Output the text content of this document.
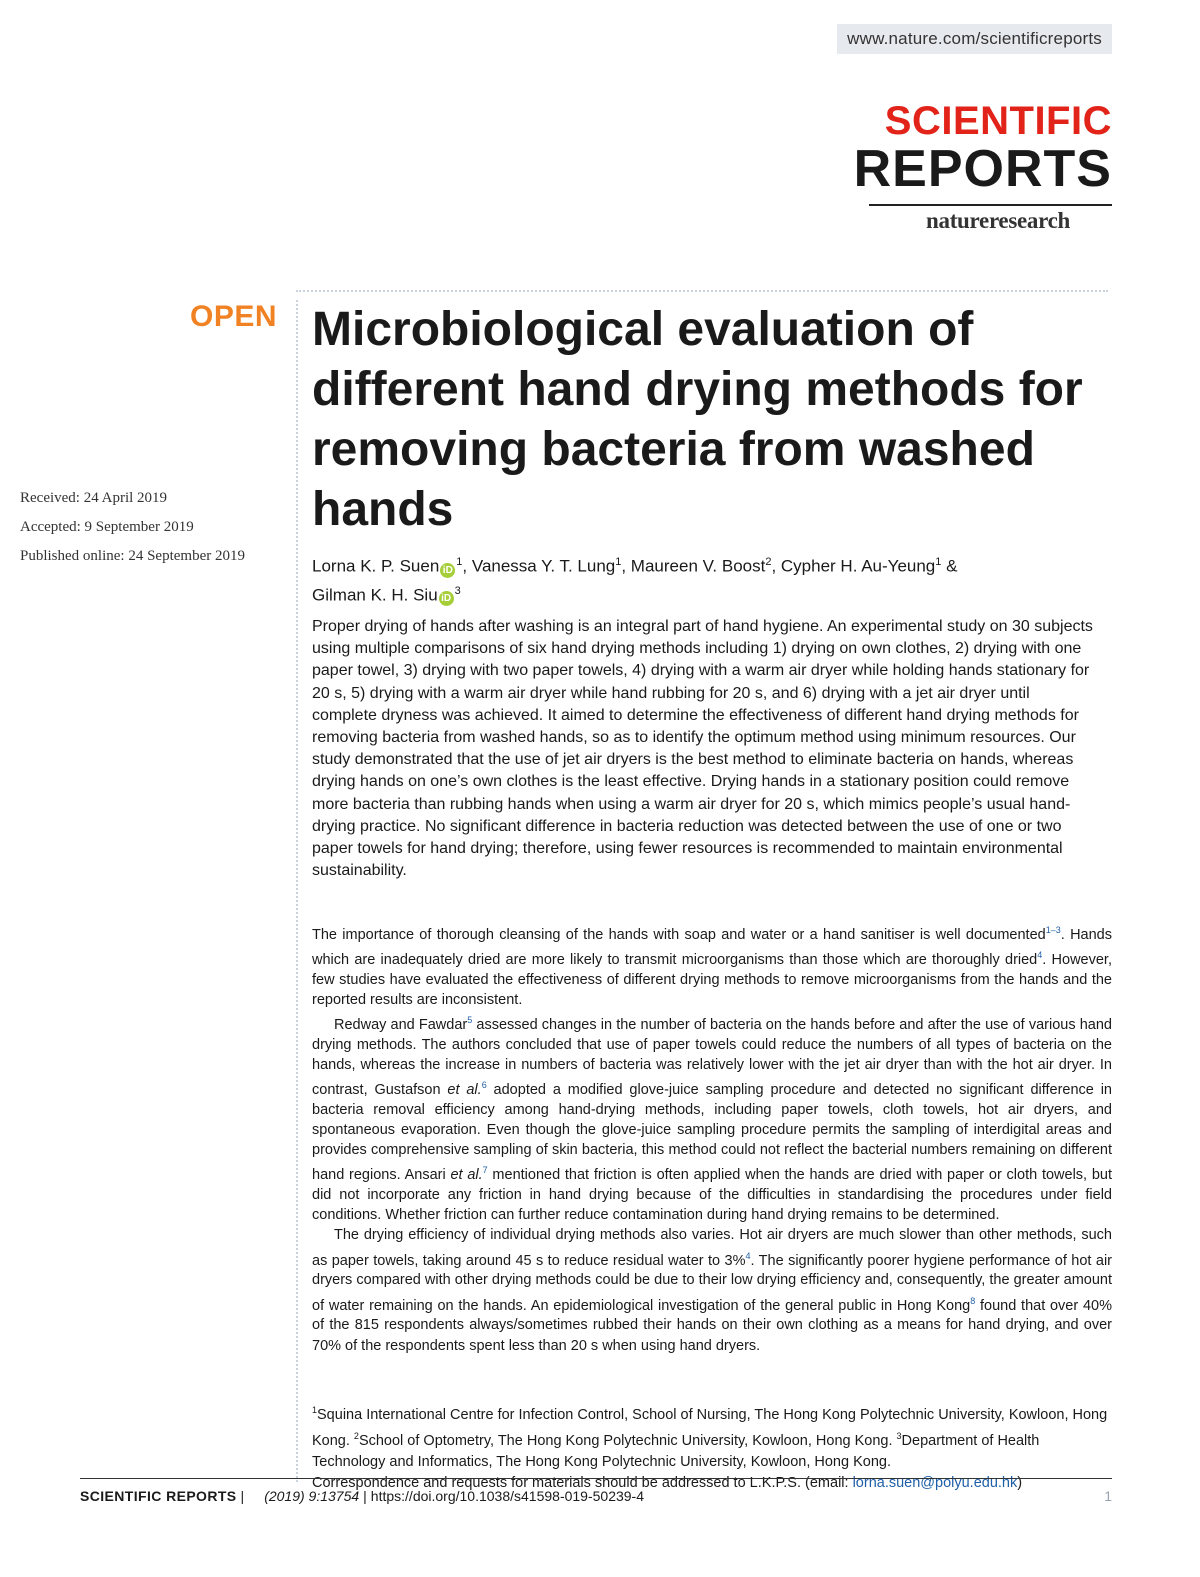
www.nature.com/scientificreports
SCIENTIFIC
REPORTS
natureresearch
OPEN Microbiological evaluation of different hand drying methods for removing bacteria from washed hands
Received: 24 April 2019
Accepted: 9 September 2019
Published online: 24 September 2019
Lorna K. P. Suen $iD^1$, Vanessa Y. T. Lung$^1$, Maureen V. Boost$^2$, Cypher H. Au-Yeung$^1$ &
Gilman K. H. Siu $iD^3$

Proper drying of hands after washing is an integral part of hand hygiene. An experimental study on 30 subjects using multiple comparisons of six hand drying methods including 1) drying on own clothes, 2) drying with one paper towel, 3) drying with two paper towels, 4) drying with a warm air dryer while holding hands stationary for 20 s, 5) drying with a warm air dryer while hand rubbing for 20 s, and 6) drying with a jet air dryer until complete dryness was achieved. It aimed to determine the effectiveness of different hand drying methods for removing bacteria from washed hands, so as to identify the optimum method using minimum resources. Our study demonstrated that the use of jet air dryers is the best method to eliminate bacteria on hands, whereas drying hands on one’s own clothes is the least effective. Drying hands in a stationary position could remove more bacteria than rubbing hands when using a warm air dryer for 20 s, which mimics people’s usual hand-drying practice. No significant difference in bacteria reduction was detected between the use of one or two paper towels for hand drying; therefore, using fewer resources is recommended to maintain environmental sustainability.

The importance of thorough cleansing of the hands with soap and water or a hand sanitiser is well documented$^{1-3}$. Hands which are inadequately dried are more likely to transmit microorganisms than those which are thoroughly dried$^4$. However, few studies have evaluated the effectiveness of different drying methods to remove microorganisms from the hands and the reported results are inconsistent.

Redway and Fawdar$^5$ assessed changes in the number of bacteria on the hands before and after the use of various hand drying methods. The authors concluded that use of paper towels could reduce the numbers of all types of bacteria on the hands, whereas the increase in numbers of bacteria was relatively lower with the jet air dryer than with the hot air dryer. In contrast, Gustafson et al.$^6$ adopted a modified glove-juice sampling procedure and detected no significant difference in bacteria removal efficiency among hand-drying methods, including paper towels, cloth towels, hot air dryers, and spontaneous evaporation. Even though the glove-juice sampling procedure permits the sampling of interdigital areas and provides comprehensive sampling of skin bacteria, this method could not reflect the bacterial numbers remaining on different hand regions. Ansari et al.$^7$ mentioned that friction is often applied when the hands are dried with paper or cloth towels, but did not incorporate any friction in hand drying because of the difficulties in standardising the procedures under field conditions. Whether friction can further reduce contamination during hand drying remains to be determined.

The drying efficiency of individual drying methods also varies. Hot air dryers are much slower than other methods, such as paper towels, taking around 45 s to reduce residual water to 3%$^4$. The significantly poorer hygiene performance of hot air dryers compared with other drying methods could be due to their low drying efficiency and, consequently, the greater amount of water remaining on the hands. An epidemiological investigation of the general public in Hong Kong$^8$ found that over 40% of the 815 respondents always/sometimes rubbed their hands on their own clothing as a means for hand drying, and over 70% of the respondents spent less than 20 s when using hand dryers.

$^1$Squina International Centre for Infection Control, School of Nursing, The Hong Kong Polytechnic University, Kowloon, Hong Kong. $^2$School of Optometry, The Hong Kong Polytechnic University, Kowloon, Hong Kong. $^3$Department of Health Technology and Informatics, The Hong Kong Polytechnic University, Kowloon, Hong Kong.
Correspondence and requests for materials should be addressed to L.K.P.S. (email: lorna.suen@polyu.edu.hk)
SCIENTIFIC REPORTS | (2019) 9:13754 | https://doi.org/10.1038/s41598-019-50239-4	1
